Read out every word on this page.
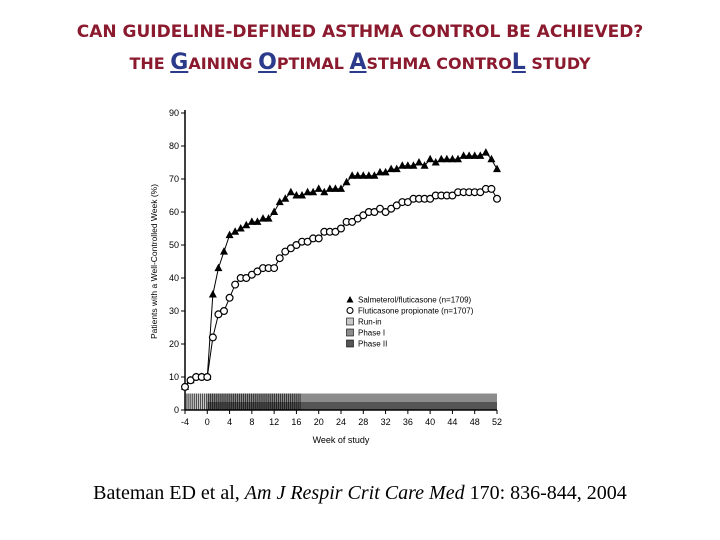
CAN GUIDELINE-DEFINED ASTHMA CONTROL BE ACHIEVED?
THE GAINING OPTIMAL ASTHMA CONTROL STUDY
0
10
20
30
40
50
60
70
80
90
-4 0 4 8 12 16 20 24 28 32 36 40 44 48 52
Week of study
Patients with a Well-Controlled Week (%)	Salmeterol/fluticasone (n=1709)
Fluticasone propionate (n=1707)
Run-in
Phase I
Phase II
Bateman ED et al, Am J Respir Crit Care Med 170: 836-844, 2004
